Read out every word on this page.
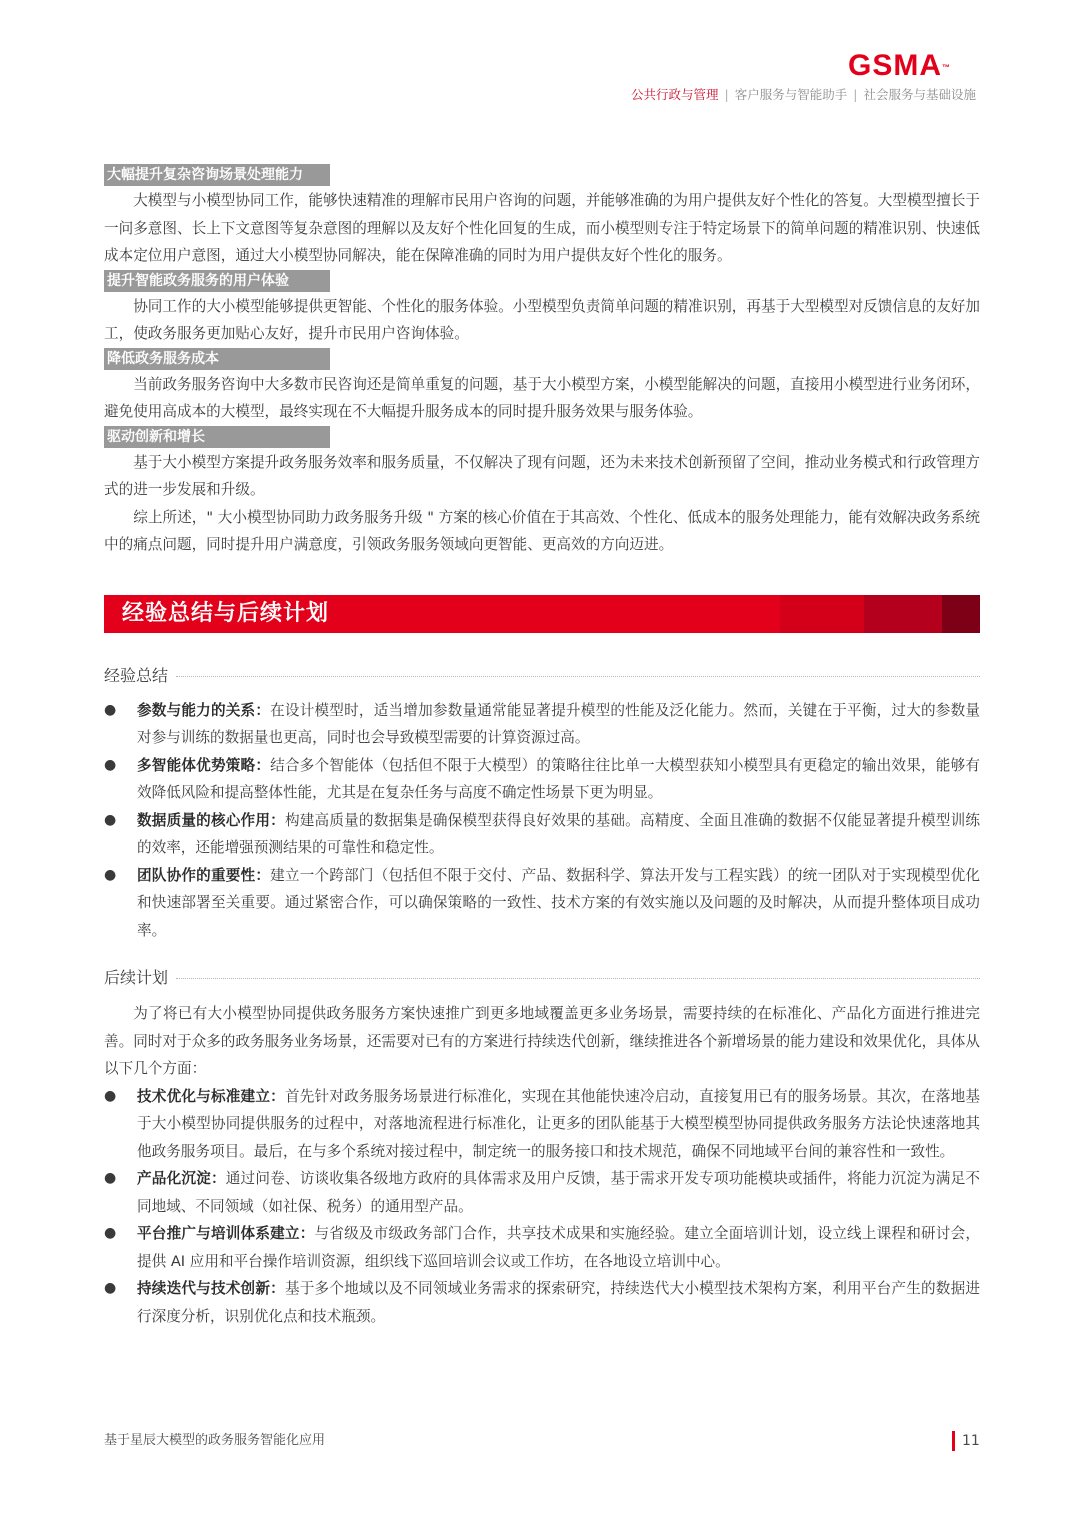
GSMA™
公共行政与管理 | 客户服务与智能助手 | 社会服务与基础设施
大幅提升复杂咨询场景处理能力

大模型与小模型协同工作，能够快速精准的理解市民用户咨询的问题，并能够准确的为用户提供友好个性化的答复。大型模型擅长于一问多意图、长上下文意图等复杂意图的理解以及友好个性化回复的生成，而小模型则专注于特定场景下的简单问题的精准识别、快速低成本定位用户意图，通过大小模型协同解决，能在保障准确的同时为用户提供友好个性化的服务。

提升智能政务服务的用户体验

协同工作的大小模型能够提供更智能、个性化的服务体验。小型模型负责简单问题的精准识别，再基于大型模型对反馈信息的友好加工，使政务服务更加贴心友好，提升市民用户咨询体验。

降低政务服务成本

当前政务服务咨询中大多数市民咨询还是简单重复的问题，基于大小模型方案，小模型能解决的问题，直接用小模型进行业务闭环，避免使用高成本的大模型，最终实现在不大幅提升服务成本的同时提升服务效果与服务体验。

驱动创新和增长

基于大小模型方案提升政务服务效率和服务质量，不仅解决了现有问题，还为未来技术创新预留了空间，推动业务模式和行政管理方式的进一步发展和升级。

综上所述，" 大小模型协同助力政务服务升级 " 方案的核心价值在于其高效、个性化、低成本的服务处理能力，能有效解决政务系统中的痛点问题，同时提升用户满意度，引领政务服务领域向更智能、更高效的方向迈进。

经验总结与后续计划
经验总结
● 参数与能力的关系：在设计模型时，适当增加参数量通常能显著提升模型的性能及泛化能力。然而，关键在于平衡，过大的参数量对参与训练的数据量也更高，同时也会导致模型需要的计算资源过高。
● 多智能体优势策略：结合多个智能体（包括但不限于大模型）的策略往往比单一大模型获知小模型具有更稳定的输出效果，能够有效降低风险和提高整体性能，尤其是在复杂任务与高度不确定性场景下更为明显。
● 数据质量的核心作用：构建高质量的数据集是确保模型获得良好效果的基础。高精度、全面且准确的数据不仅能显著提升模型训练的效率，还能增强预测结果的可靠性和稳定性。
● 团队协作的重要性：建立一个跨部门（包括但不限于交付、产品、数据科学、算法开发与工程实践）的统一团队对于实现模型优化和快速部署至关重要。通过紧密合作，可以确保策略的一致性、技术方案的有效实施以及问题的及时解决，从而提升整体项目成功率。
后续计划

为了将已有大小模型协同提供政务服务方案快速推广到更多地域覆盖更多业务场景，需要持续的在标准化、产品化方面进行推进完善。同时对于众多的政务服务业务场景，还需要对已有的方案进行持续迭代创新，继续推进各个新增场景的能力建设和效果优化，具体从以下几个方面：

● 技术优化与标准建立：首先针对政务服务场景进行标准化，实现在其他能快速冷启动，直接复用已有的服务场景。其次，在落地基于大小模型协同提供服务的过程中，对落地流程进行标准化，让更多的团队能基于大模型模型协同提供政务服务方法论快速落地其他政务服务项目。最后，在与多个系统对接过程中，制定统一的服务接口和技术规范，确保不同地域平台间的兼容性和一致性。
● 产品化沉淀：通过问卷、访谈收集各级地方政府的具体需求及用户反馈，基于需求开发专项功能模块或插件，将能力沉淀为满足不同地域、不同领域（如社保、税务）的通用型产品。
● 平台推广与培训体系建立：与省级及市级政务部门合作，共享技术成果和实施经验。建立全面培训计划，设立线上课程和研讨会，提供 AI 应用和平台操作培训资源，组织线下巡回培训会议或工作坊，在各地设立培训中心。
● 持续迭代与技术创新：基于多个地域以及不同领域业务需求的探索研究，持续迭代大小模型技术架构方案，利用平台产生的数据进行深度分析，识别优化点和技术瓶颈。
基于星辰大模型的政务服务智能化应用	11
